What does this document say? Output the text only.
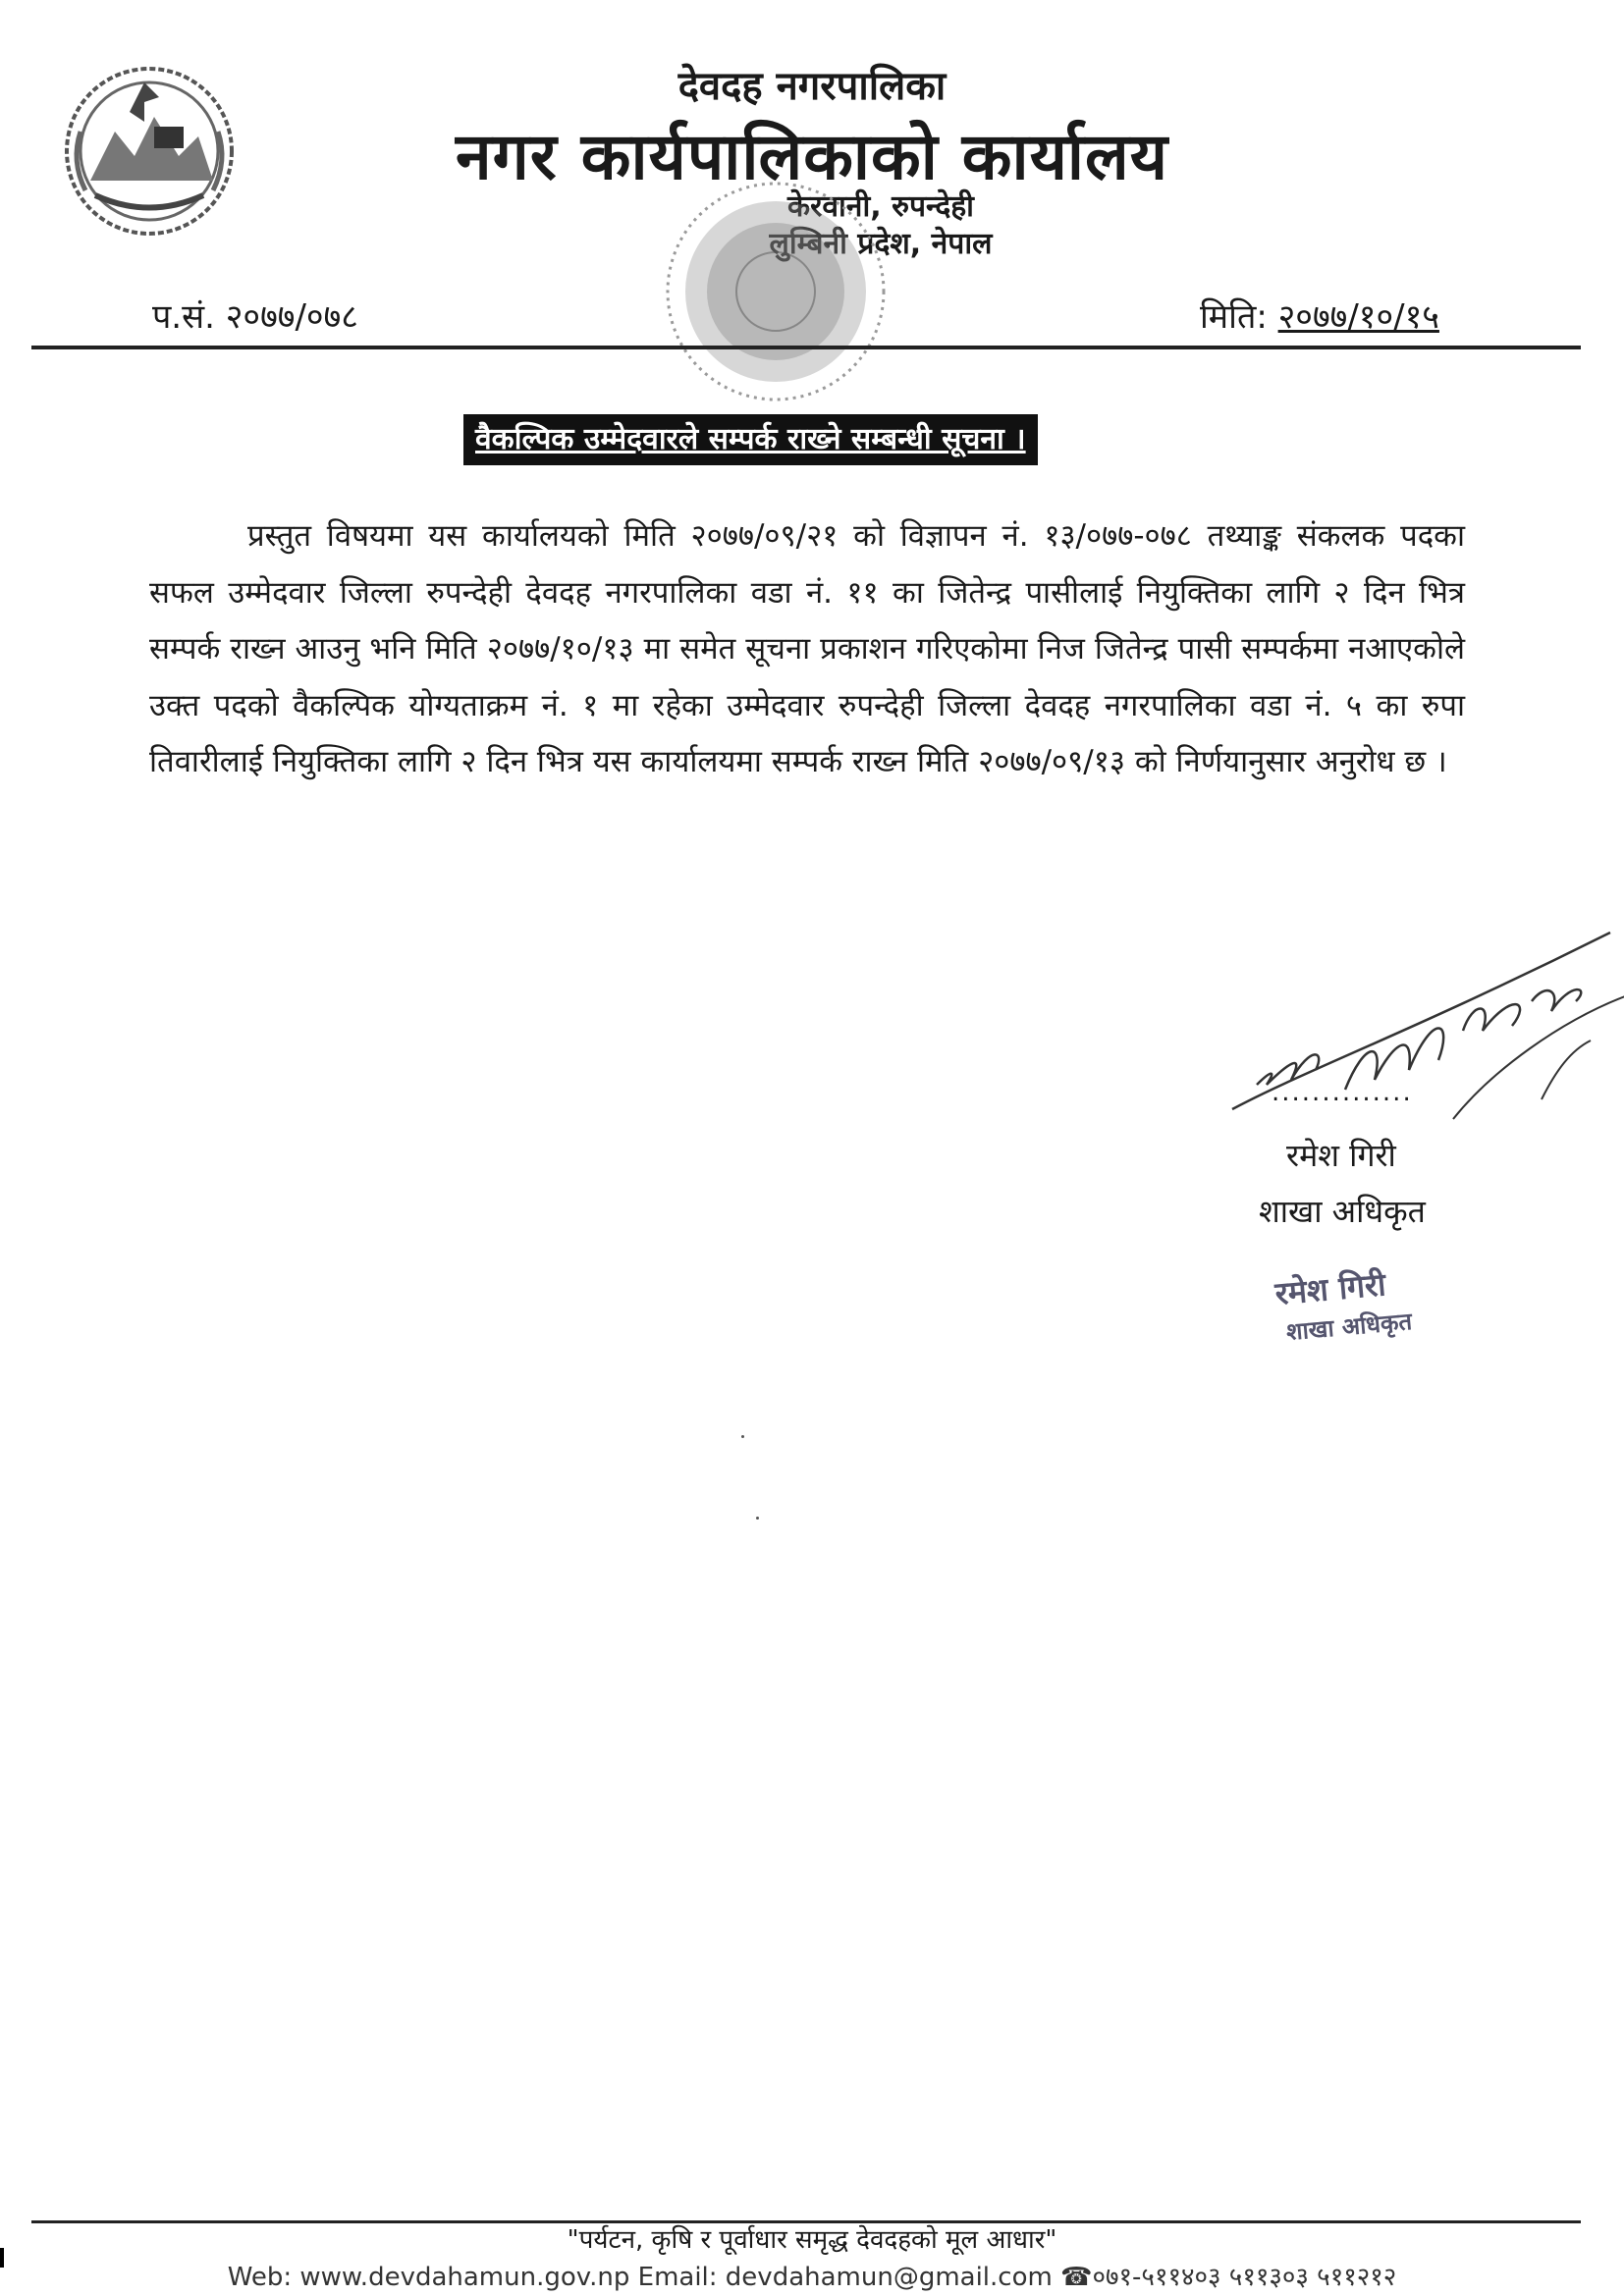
देवदह नगरपालिका
नगर कार्यपालिकाको कार्यालय
केरवानी, रुपन्देही
लुम्बिनी प्रदेश, नेपाल
प.सं. २०७७/०७८	मिति: २०७७/१०/१५
वैकल्पिक उम्मेदवारले सम्पर्क राख्ने सम्बन्धी सूचना ।
प्रस्तुत विषयमा यस कार्यालयको मिति २०७७/०९/२१ को विज्ञापन नं. १३/०७७-०७८ तथ्याङ्क संकलक पदका सफल उम्मेदवार जिल्ला रुपन्देही देवदह नगरपालिका वडा नं. ११ का जितेन्द्र पासीलाई नियुक्तिका लागि २ दिन भित्र सम्पर्क राख्न आउनु भनि मिति २०७७/१०/१३ मा समेत सूचना प्रकाशन गरिएकोमा निज जितेन्द्र पासी सम्पर्कमा नआएकोले उक्त पदको वैकल्पिक योग्यताक्रम नं. १ मा रहेका उम्मेदवार रुपन्देही जिल्ला देवदह नगरपालिका वडा नं. ५ का रुपा तिवारीलाई नियुक्तिका लागि २ दिन भित्र यस कार्यालयमा सम्पर्क राख्न मिति २०७७/०९/१३ को निर्णयानुसार अनुरोध छ ।
..............
रमेश गिरी
शाखा अधिकृत
रमेश गिरी
शाखा अधिकृत
"पर्यटन, कृषि र पूर्वाधार समृद्ध देवदहको मूल आधार"
Web: www.devdahamun.gov.np Email: devdahamun@gmail.com ☎०७१-५११४०३ ५११३०३ ५११२१२
